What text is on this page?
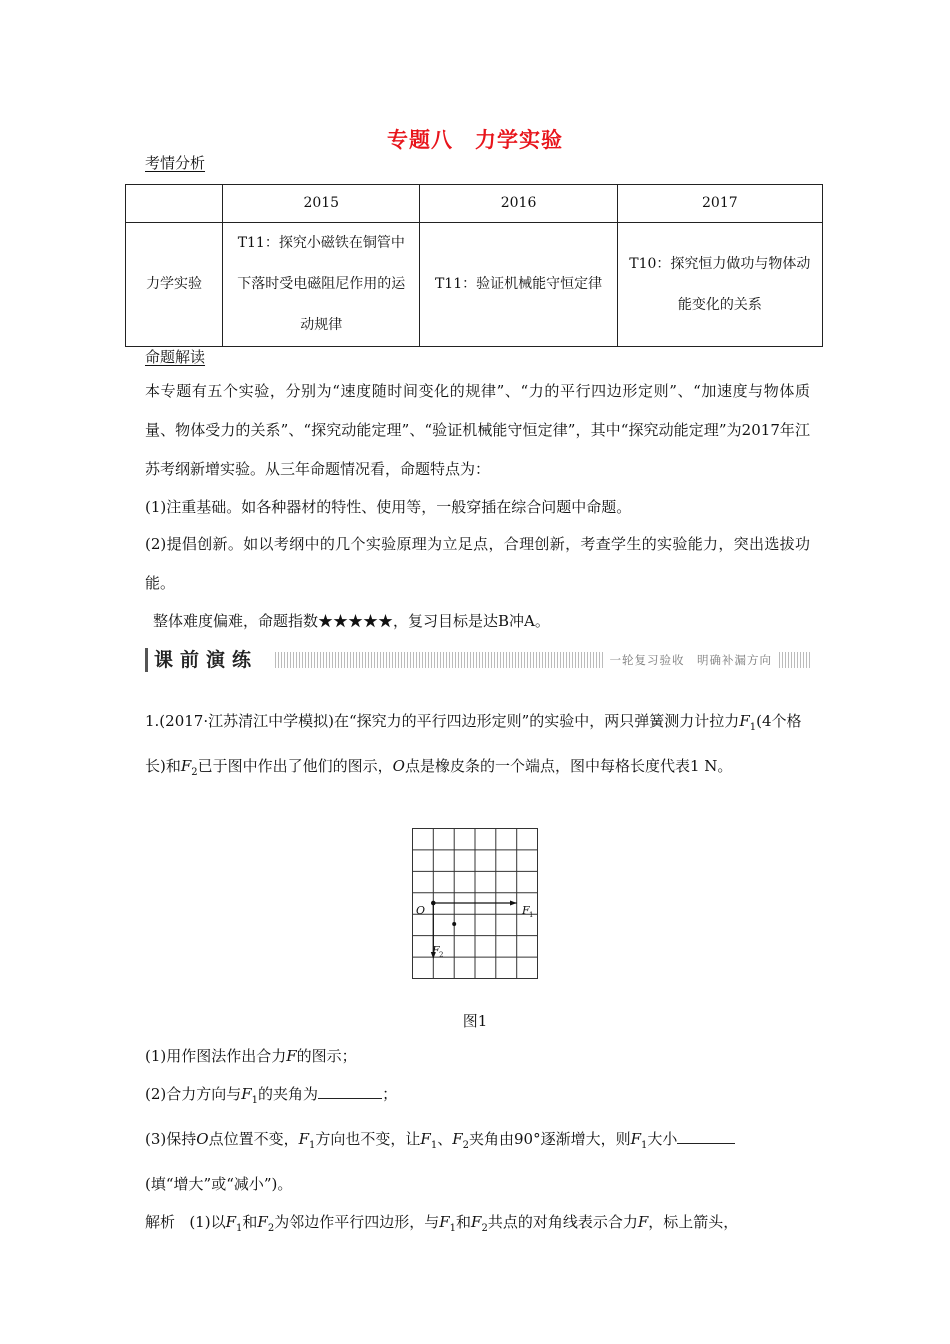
专题八　力学实验
考情分析
	2015	2016	2017
力学实验	T11：探究小磁铁在铜管中下落时受电磁阻尼作用的运动规律	T11：验证机械能守恒定律	T10：探究恒力做功与物体动能变化的关系
命题解读

本专题有五个实验，分别为“速度随时间变化的规律”、“力的平行四边形定则”、“加速度与物体质量、物体受力的关系”、“探究动能定理”、“验证机械能守恒定律”，其中“探究动能定理”为2017年江苏考纲新增实验。从三年命题情况看，命题特点为：

(1)注重基础。如各种器材的特性、使用等，一般穿插在综合问题中命题。

(2)提倡创新。如以考纲中的几个实验原理为立足点，合理创新，考查学生的实验能力，突出选拔功能。

整体难度偏难，命题指数★★★★★，复习目标是达B冲A。

课前演练	一轮复习验收　明确补漏方向

1.(2017·江苏清江中学模拟)在“探究力的平行四边形定则”的实验中，两只弹簧测力计拉力$F_1(4$个格长)和$F_2$已于图中作出了他们的图示，O点是橡皮条的一个端点，图中每格长度代表1 N。

O	F 1
F 2
图1

(1)用作图法作出合力F的图示；

(2)合力方向与$F_1$的夹角为	；

(3)保持O点位置不变，$F_1$方向也不变，让$F_1$、$F_2$夹角由90°逐渐增大，则$F_1$大小

(填“增大”或“减小”)。

解析 (1)以$F_1$和$F_2$为邻边作平行四边形，与$F_1$和$F_2$共点的对角线表示合力F，标上箭头，
